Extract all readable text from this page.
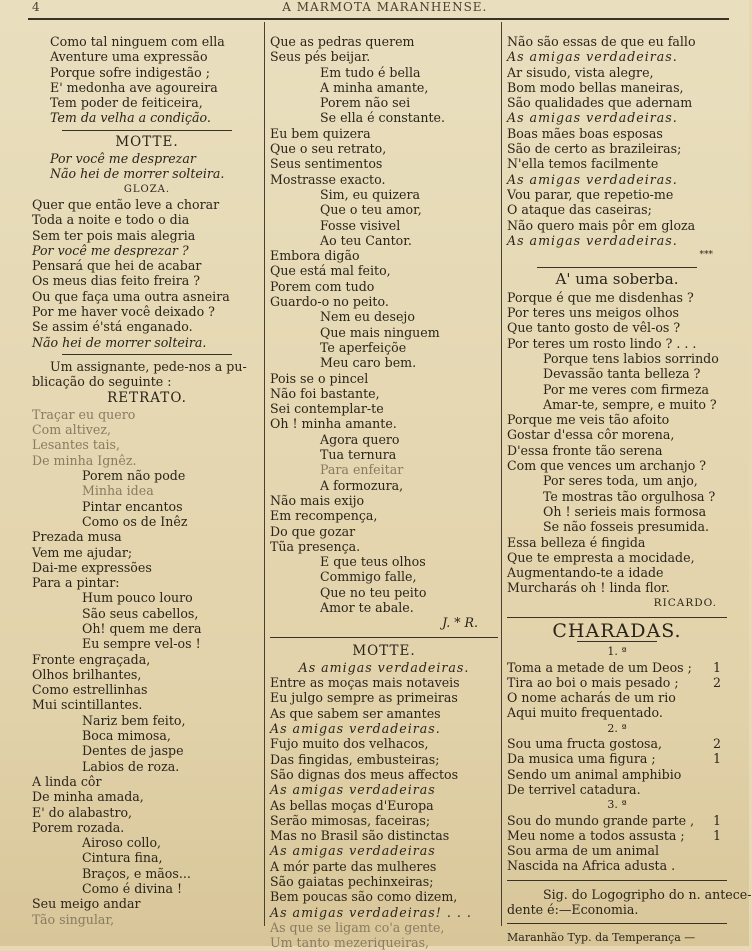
4	A MARMOTA MARANHENSE.
Como tal ninguem com ella
Aventure uma expressão
Porque sofre indigestão ;
E' medonha ave agoureira
Tem poder de feiticeira,
Tem da velha a condição.
MOTTE.
Por você me desprezar
Não hei de morrer solteira.
GLOZA.
Quer que então leve a chorar
Toda a noite e todo o dia
Sem ter pois mais alegria
Por você me desprezar ?
Pensará que hei de acabar
Os meus dias feito freira ?
Ou que faça uma outra asneira
Por me haver você deixado ?
Se assim é'stá enganado.
Não hei de morrer solteira.
Um assignante, pede-nos a pu-
blicação do seguinte :
RETRATO.
Traçar eu quero
Com altivez,
Lesantes tais,
De minha Ignêz.
Porem não pode
Minha idea
Pintar encantos
Como os de Inêz
Prezada musa
Vem me ajudar;
Dai-me expressões
Para a pintar:
Hum pouco louro
São seus cabellos,
Oh! quem me dera
Eu sempre vel-os !
Fronte engraçada,
Olhos brilhantes,
Como estrellinhas
Mui scintillantes.
Nariz bem feito,
Boca mimosa,
Dentes de jaspe
Labios de roza.
A linda côr
De minha amada,
E' do alabastro,
Porem rozada.
Airoso collo,
Cintura fina,
Braços, e mãos...
Como é divina !
Seu meigo andar
Tão singular,
Que as pedras querem
Seus pés beijar.
Em tudo é bella
A minha amante,
Porem não sei
Se ella é constante.
Eu bem quizera
Que o seu retrato,
Seus sentimentos
Mostrasse exacto.
Sim, eu quizera
Que o teu amor,
Fosse visivel
Ao teu Cantor.
Embora digão
Que está mal feito,
Porem com tudo
Guardo-o no peito.
Nem eu desejo
Que mais ninguem
Te aperfeiçõe
Meu caro bem.
Pois se o pincel
Não foi bastante,
Sei contemplar-te
Oh ! minha amante.
Agora quero
Tua ternura
Para enfeitar
A formozura,
Não mais exijo
Em recompença,
Do que gozar
Tũa presença.
E que teus olhos
Commigo falle,
Que no teu peito
Amor te abale.
J. * R.
MOTTE.
As amigas verdadeiras.
Entre as moças mais notaveis
Eu julgo sempre as primeiras
As que sabem ser amantes
As amigas verdadeiras.
Fujo muito dos velhacos,
Das fingidas, embusteiras;
São dignas dos meus affectos
As amigas verdadeiras
As bellas moças d'Europa
Serão mimosas, faceiras;
Mas no Brasil são distinctas
As amigas verdadeiras
A mór parte das mulheres
São gaiatas pechinxeiras;
Bem poucas são como dizem,
As amigas verdadeiras! . . .
As que se ligam co'a gente,
Um tanto mezeriqueiras,
Não são essas de que eu fallo
As amigas verdadeiras.
Ar sisudo, vista alegre,
Bom modo bellas maneiras,
São qualidades que adernam
As amigas verdadeiras.
Boas mães boas esposas
São de certo as brazileiras;
N'ella temos facilmente
As amigas verdadeiras.
Vou parar, que repetio-me
O ataque das caseiras;
Não quero mais pôr em gloza
As amigas verdadeiras.
***
A' uma soberba.
Porque é que me disdenhas ?
Por teres uns meigos olhos
Que tanto gosto de vêl-os ?
Por teres um rosto lindo ? . . .
Porque tens labios sorrindo
Devassão tanta belleza ?
Por me veres com firmeza
Amar-te, sempre, e muito ?
Porque me veis tão afoito
Gostar d'essa côr morena,
D'essa fronte tão serena
Com que vences um archanjo ?
Por seres toda, um anjo,
Te mostras tão orgulhosa ?
Oh ! serieis mais formosa
Se não fosseis presumida.
Essa belleza é fingida
Que te empresta a mocidade,
Augmentando-te a idade
Murcharás oh ! linda flor.
RICARDO.
CHARADAS.
1. ª
Toma a metade de um Deos ; 1
Tira ao boi o mais pesado ;	2
O nome acharás de um rio
Aqui muito frequentado.
2. ª
Sou uma fructa gostosa,	2
Da musica uma figura ;	1
Sendo um animal amphibio
De terrivel catadura.
3. ª
Sou do mundo grande parte , 1
Meu nome a todos assusta ; 1
Sou arma de um animal
Nascida na Africa adusta .
Sig. do Logogripho do n. antece-
dente é:—Economia.
Maranhão Typ. da Temperança —
